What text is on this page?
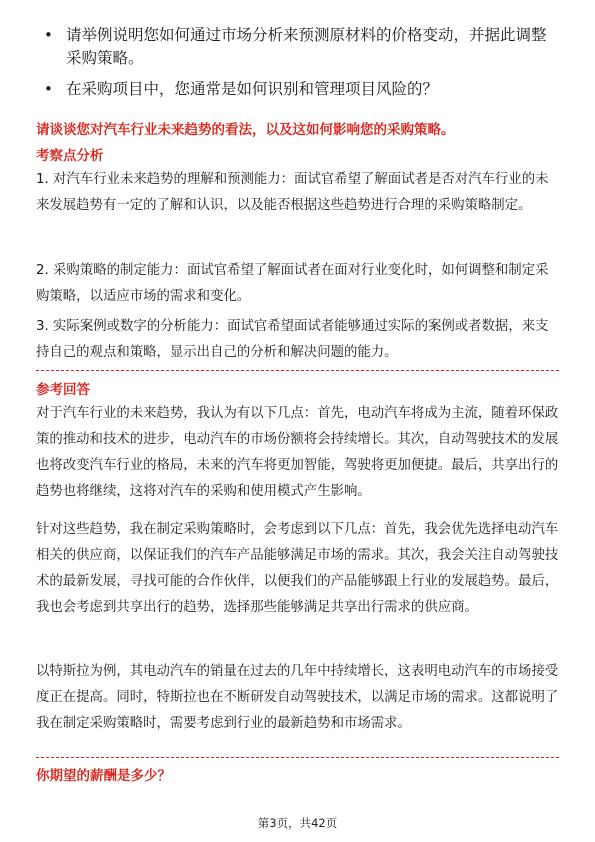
• 请举例说明您如何通过市场分析来预测原材料的价格变动，并据此调整采购策略。
• 在采购项目中，您通常是如何识别和管理项目风险的？
请谈谈您对汽车行业未来趋势的看法，以及这如何影响您的采购策略。
考察点分析
1. 对汽车行业未来趋势的理解和预测能力：面试官希望了解面试者是否对汽车行业的未来发展趋势有一定的了解和认识，以及能否根据这些趋势进行合理的采购策略制定。
2. 采购策略的制定能力：面试官希望了解面试者在面对行业变化时，如何调整和制定采购策略，以适应市场的需求和变化。
3. 实际案例或数字的分析能力：面试官希望面试者能够通过实际的案例或者数据，来支持自己的观点和策略，显示出自己的分析和解决问题的能力。
参考回答
对于汽车行业的未来趋势，我认为有以下几点：首先，电动汽车将成为主流，随着环保政策的推动和技术的进步，电动汽车的市场份额将会持续增长。其次，自动驾驶技术的发展也将改变汽车行业的格局，未来的汽车将更加智能，驾驶将更加便捷。最后，共享出行的趋势也将继续，这将对汽车的采购和使用模式产生影响。
针对这些趋势，我在制定采购策略时，会考虑到以下几点：首先，我会优先选择电动汽车相关的供应商，以保证我们的汽车产品能够满足市场的需求。其次，我会关注自动驾驶技术的最新发展，寻找可能的合作伙伴，以便我们的产品能够跟上行业的发展趋势。最后，我也会考虑到共享出行的趋势，选择那些能够满足共享出行需求的供应商。
以特斯拉为例，其电动汽车的销量在过去的几年中持续增长，这表明电动汽车的市场接受度正在提高。同时，特斯拉也在不断研发自动驾驶技术，以满足市场的需求。这都说明了我在制定采购策略时，需要考虑到行业的最新趋势和市场需求。
你期望的薪酬是多少？
第3页，共42页
